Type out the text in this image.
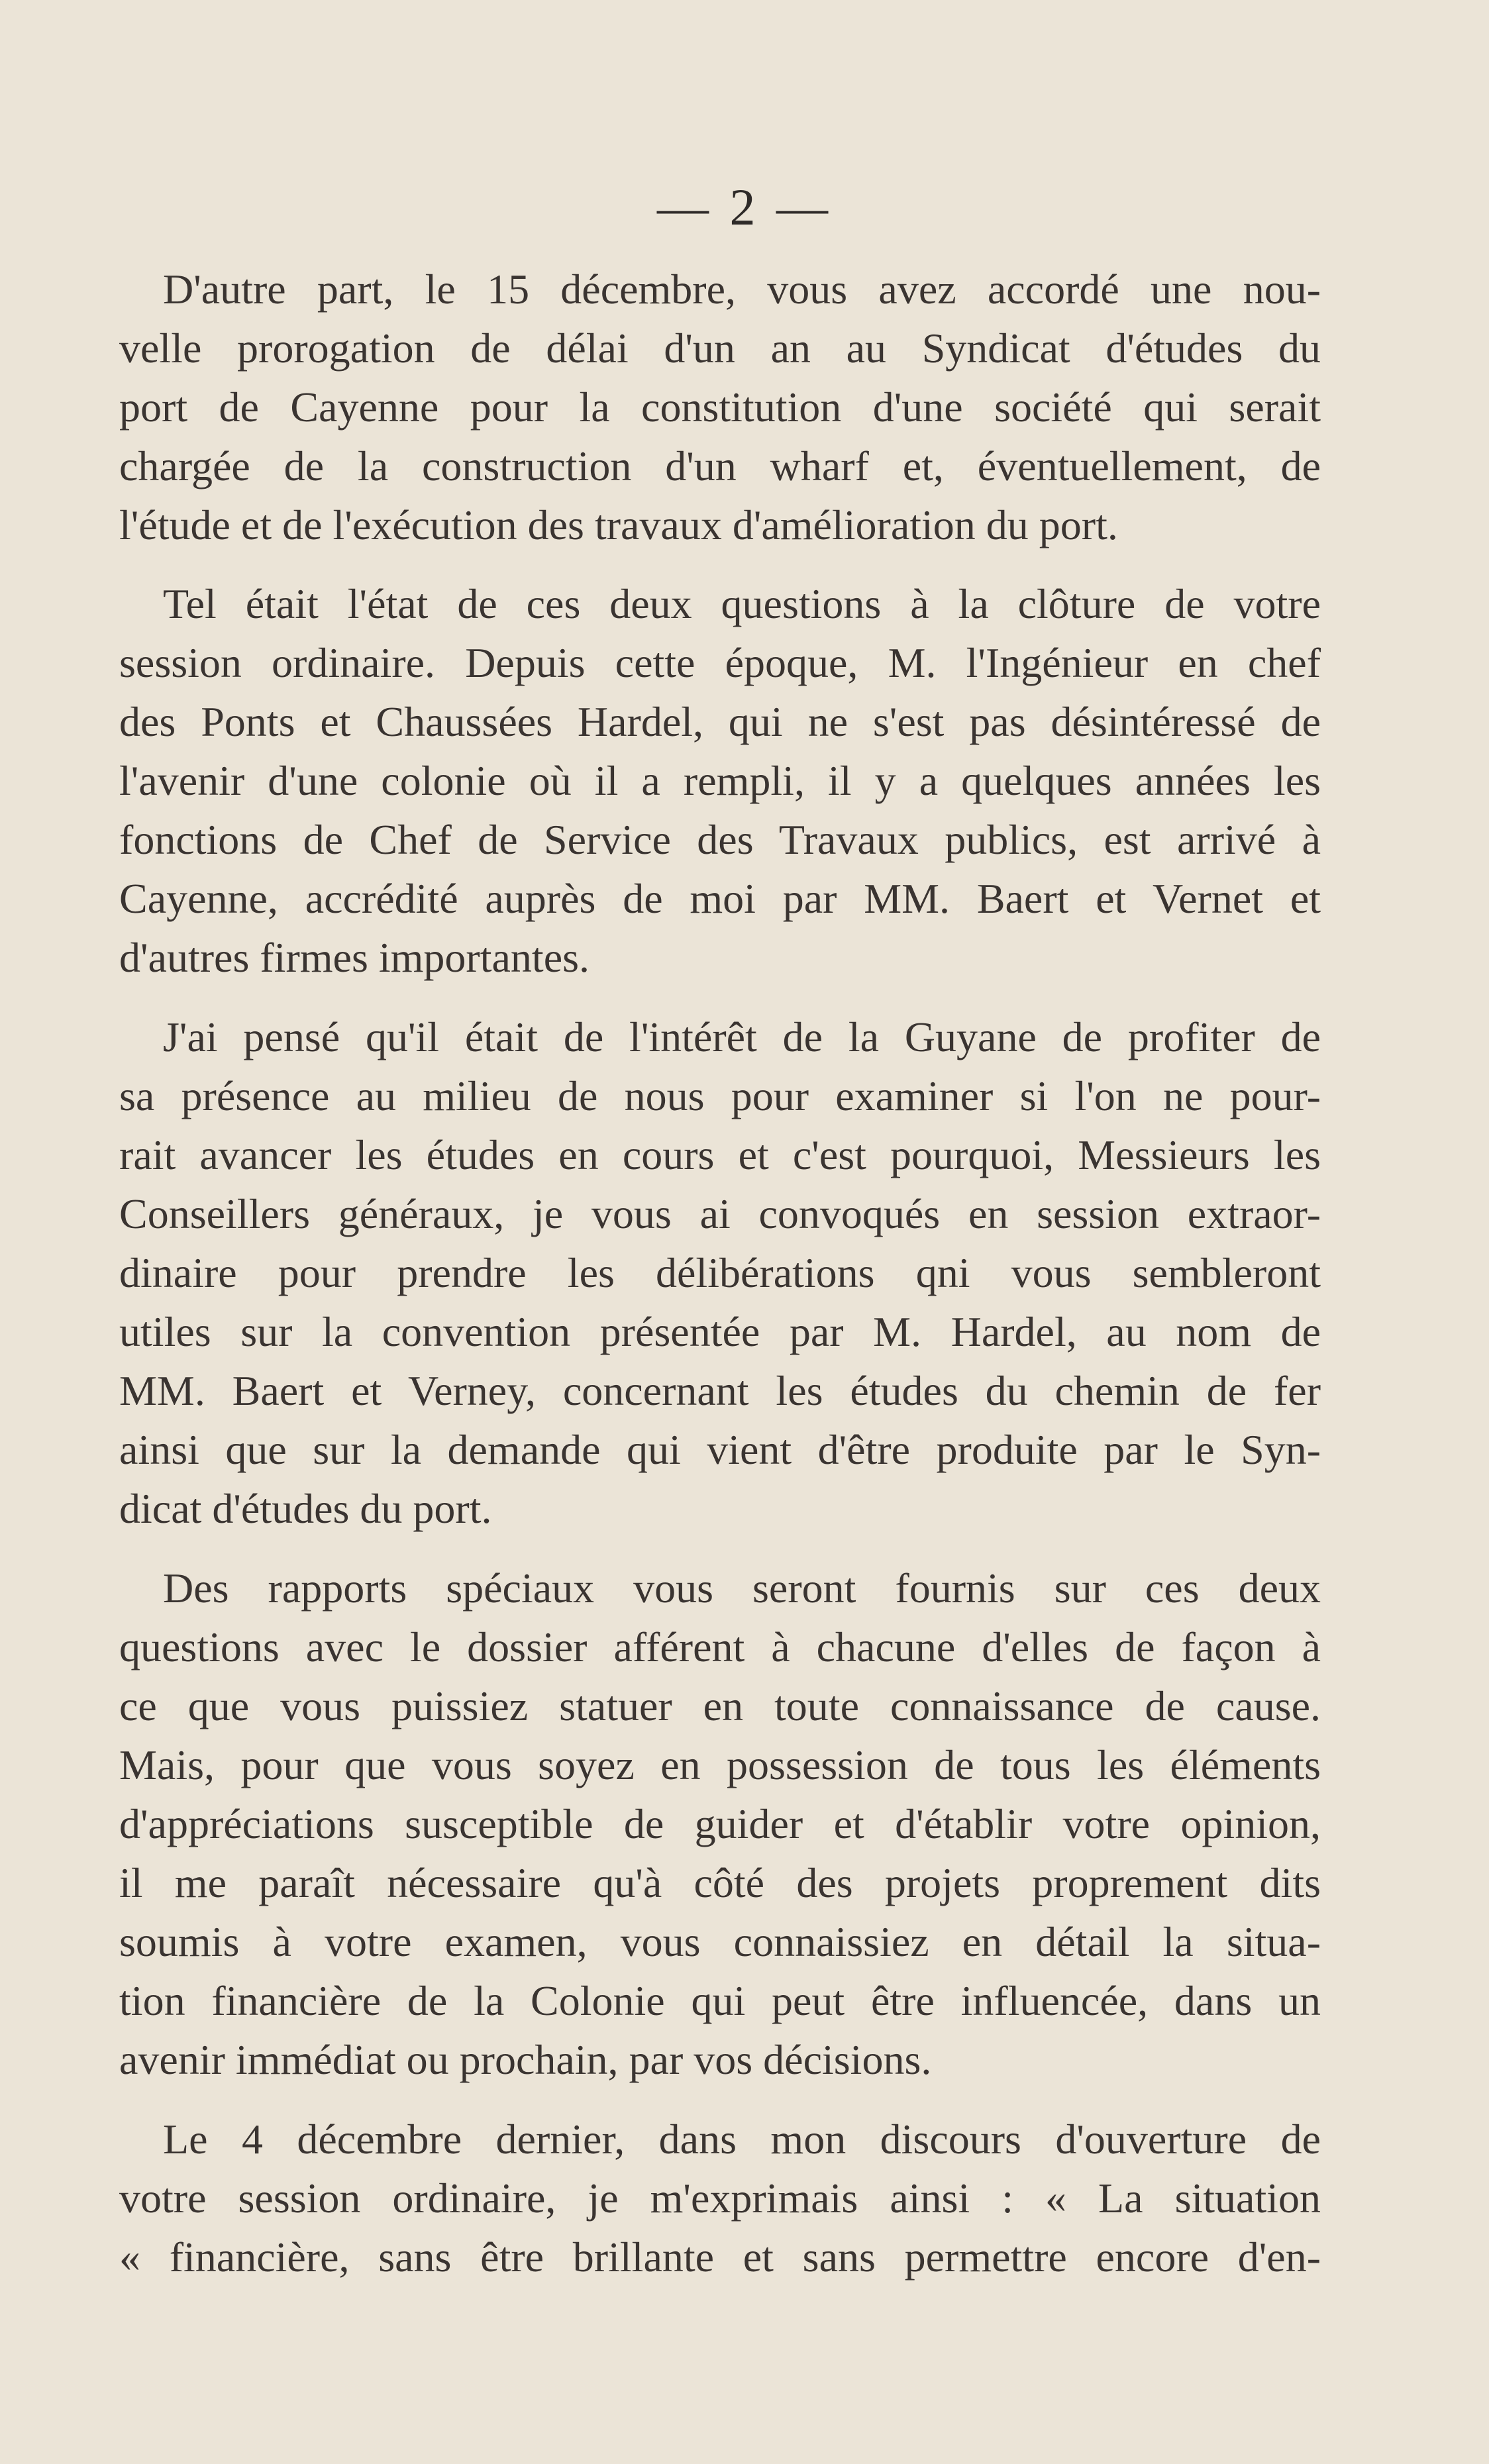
— 2 —
D'autre part, le 15 décembre, vous avez accordé une nou-
velle prorogation de délai d'un an au Syndicat d'études du
port de Cayenne pour la constitution d'une société qui serait
chargée de la construction d'un wharf et, éventuellement, de
l'étude et de l'exécution des travaux d'amélioration du port.
Tel était l'état de ces deux questions à la clôture de votre
session ordinaire. Depuis cette époque, M. l'Ingénieur en chef
des Ponts et Chaussées Hardel, qui ne s'est pas désintéressé de
l'avenir d'une colonie où il a rempli, il y a quelques années les
fonctions de Chef de Service des Travaux publics, est arrivé à
Cayenne, accrédité auprès de moi par MM. Baert et Vernet et
d'autres firmes importantes.
J'ai pensé qu'il était de l'intérêt de la Guyane de profiter de
sa présence au milieu de nous pour examiner si l'on ne pour-
rait avancer les études en cours et c'est pourquoi, Messieurs les
Conseillers généraux, je vous ai convoqués en session extraor-
dinaire pour prendre les délibérations qni vous sembleront
utiles sur la convention présentée par M. Hardel, au nom de
MM. Baert et Verney, concernant les études du chemin de fer
ainsi que sur la demande qui vient d'être produite par le Syn-
dicat d'études du port.
Des rapports spéciaux vous seront fournis sur ces deux
questions avec le dossier afférent à chacune d'elles de façon à
ce que vous puissiez statuer en toute connaissance de cause.
Mais, pour que vous soyez en possession de tous les éléments
d'appréciations susceptible de guider et d'établir votre opinion,
il me paraît nécessaire qu'à côté des projets proprement dits
soumis à votre examen, vous connaissiez en détail la situa-
tion financière de la Colonie qui peut être influencée, dans un
avenir immédiat ou prochain, par vos décisions.
Le 4 décembre dernier, dans mon discours d'ouverture de
votre session ordinaire, je m'exprimais ainsi : « La situation
« financière, sans être brillante et sans permettre encore d'en-
